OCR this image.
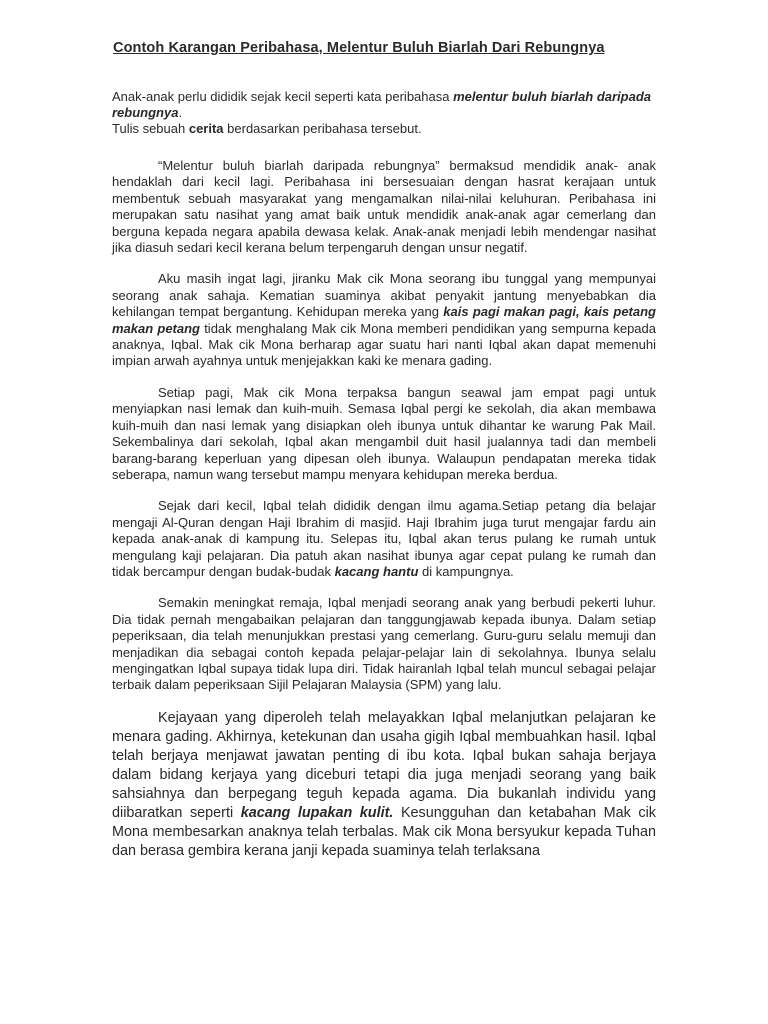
Contoh Karangan Peribahasa, Melentur Buluh Biarlah Dari Rebungnya

Anak-anak perlu dididik sejak kecil seperti kata peribahasa melentur buluh biarlah daripada rebungnya.

Tulis sebuah cerita berdasarkan peribahasa tersebut.

“Melentur buluh biarlah daripada rebungnya” bermaksud mendidik anak- anak hendaklah dari kecil lagi. Peribahasa ini bersesuaian dengan hasrat kerajaan untuk membentuk sebuah masyarakat yang mengamalkan nilai-nilai keluhuran. Peribahasa ini merupakan satu nasihat yang amat baik untuk mendidik anak-anak agar cemerlang dan berguna kepada negara apabila dewasa kelak. Anak-anak menjadi lebih mendengar nasihat jika diasuh sedari kecil kerana belum terpengaruh dengan unsur negatif.

Aku masih ingat lagi, jiranku Mak cik Mona seorang ibu tunggal yang mempunyai seorang anak sahaja. Kematian suaminya akibat penyakit jantung menyebabkan dia kehilangan tempat bergantung. Kehidupan mereka yang kais pagi makan pagi, kais petang makan petang tidak menghalang Mak cik Mona memberi pendidikan yang sempurna kepada anaknya, Iqbal. Mak cik Mona berharap agar suatu hari nanti Iqbal akan dapat memenuhi impian arwah ayahnya untuk menjejakkan kaki ke menara gading.

Setiap pagi, Mak cik Mona terpaksa bangun seawal jam empat pagi untuk menyiapkan nasi lemak dan kuih-muih. Semasa Iqbal pergi ke sekolah, dia akan membawa kuih-muih dan nasi lemak yang disiapkan oleh ibunya untuk dihantar ke warung Pak Mail. Sekembalinya dari sekolah, Iqbal akan mengambil duit hasil jualannya tadi dan membeli barang-barang keperluan yang dipesan oleh ibunya. Walaupun pendapatan mereka tidak seberapa, namun wang tersebut mampu menyara kehidupan mereka berdua.

Sejak dari kecil, Iqbal telah dididik dengan ilmu agama.Setiap petang dia belajar mengaji Al-Quran dengan Haji Ibrahim di masjid. Haji Ibrahim juga turut mengajar fardu ain kepada anak-anak di kampung itu. Selepas itu, Iqbal akan terus pulang ke rumah untuk mengulang kaji pelajaran. Dia patuh akan nasihat ibunya agar cepat pulang ke rumah dan tidak bercampur dengan budak-budak kacang hantu di kampungnya.

Semakin meningkat remaja, Iqbal menjadi seorang anak yang berbudi pekerti luhur. Dia tidak pernah mengabaikan pelajaran dan tanggungjawab kepada ibunya. Dalam setiap peperiksaan, dia telah menunjukkan prestasi yang cemerlang. Guru-guru selalu memuji dan menjadikan dia sebagai contoh kepada pelajar-pelajar lain di sekolahnya. Ibunya selalu mengingatkan Iqbal supaya tidak lupa diri. Tidak hairanlah Iqbal telah muncul sebagai pelajar terbaik dalam peperiksaan Sijil Pelajaran Malaysia (SPM) yang lalu.

Kejayaan yang diperoleh telah melayakkan Iqbal melanjutkan pelajaran ke menara gading. Akhirnya, ketekunan dan usaha gigih Iqbal membuahkan hasil. Iqbal telah berjaya menjawat jawatan penting di ibu kota. Iqbal bukan sahaja berjaya dalam bidang kerjaya yang diceburi tetapi dia juga menjadi seorang yang baik sahsiahnya dan berpegang teguh kepada agama. Dia bukanlah individu yang diibaratkan seperti kacang lupakan kulit. Kesungguhan dan ketabahan Mak cik Mona membesarkan anaknya telah terbalas. Mak cik Mona bersyukur kepada Tuhan dan berasa gembira kerana janji kepada suaminya telah terlaksana
